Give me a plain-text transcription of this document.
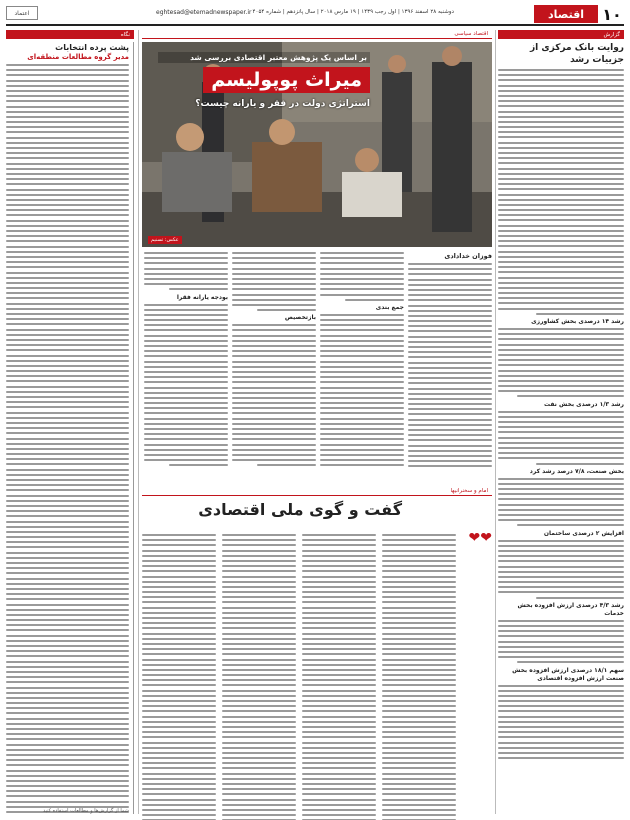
۱۰
اقتصاد
دوشنبه ۲۸ اسفند ۱۳۹۶ | اول رجب ۱۴۳۹ | ۱۹ مارس ۲۰۱۸ | سال پانزدهم | شماره ۴۰۵۴
eghtesad@etemadnewspaper.ir
اعتماد
گزارش
اقتصاد سیاسی
نگاه
روایت بانک مرکزی از جزییات رشد
رشد ۱۴ درصدی بخش کشاورزی
رشد ۱/۳ درصدی بخش نفت
بخش صنعت، ۷/۸ درصد رشد کرد
افزایش ۲ درصدی ساختمان
رشد ۴/۳ درصدی ارزش افزوده بخش خدمات
سهم ۱۸/۱ درصدی ارزش افزوده بخش صنعت ارزش افزوده اقتصادی
بر اساس یک پژوهش معتبر اقتصادی بررسی شد
میراث پوپولیسم
استراتژی دولت در فقر و یارانه چیست؟
عکس: تسنیم
فوزان خدادادی
جمع بندی
بازتخصیص
بودجه یارانه فقرا
امام و سخنرانیها
گفت و گوی ملی اقتصادی
❤❤
پشت پرده انتخابات
مدیر گروه مطالعات منطقه‌ای
شما از گزارش‌ها و مطالعات استفاده کنید
